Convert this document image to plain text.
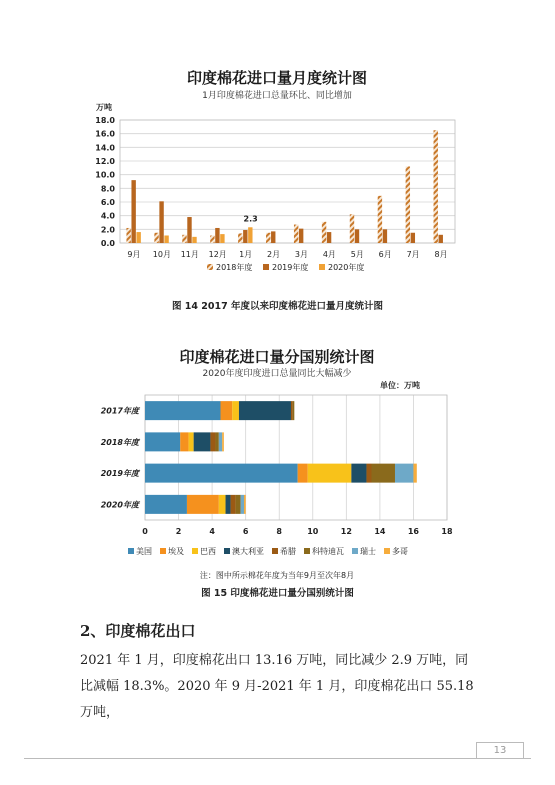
印度棉花进口量月度统计图
1月印度棉花进口总量环比、同比增加
万吨
0.0
2.0
4.0
6.0
8.0
10.0
12.0
14.0
16.0
18.0
9月 10月 11月 12月 1月 2月 3月 4月 5月 6月 7月 8月
2.3
2018年度 2019年度 2020年度
图 14 2017 年度以来印度棉花进口量月度统计图
印度棉花进口量分国别统计图
2020年度印度进口总量同比大幅减少
单位：万吨
0	2	4	6	8	10	12	14	16	18
2017年度
2018年度
2019年度
2020年度
美国 埃及 巴西 澳大利亚 希腊 科特迪瓦 瑞士 多哥
注：图中所示棉花年度为当年9月至次年8月
图 15 印度棉花进口量分国别统计图
2、印度棉花出口
2021 年 1 月，印度棉花出口 13.16 万吨，同比减少 2.9 万吨，同
比减幅 18.3%。2020 年 9 月-2021 年 1 月，印度棉花出口 55.18 万吨，
13
